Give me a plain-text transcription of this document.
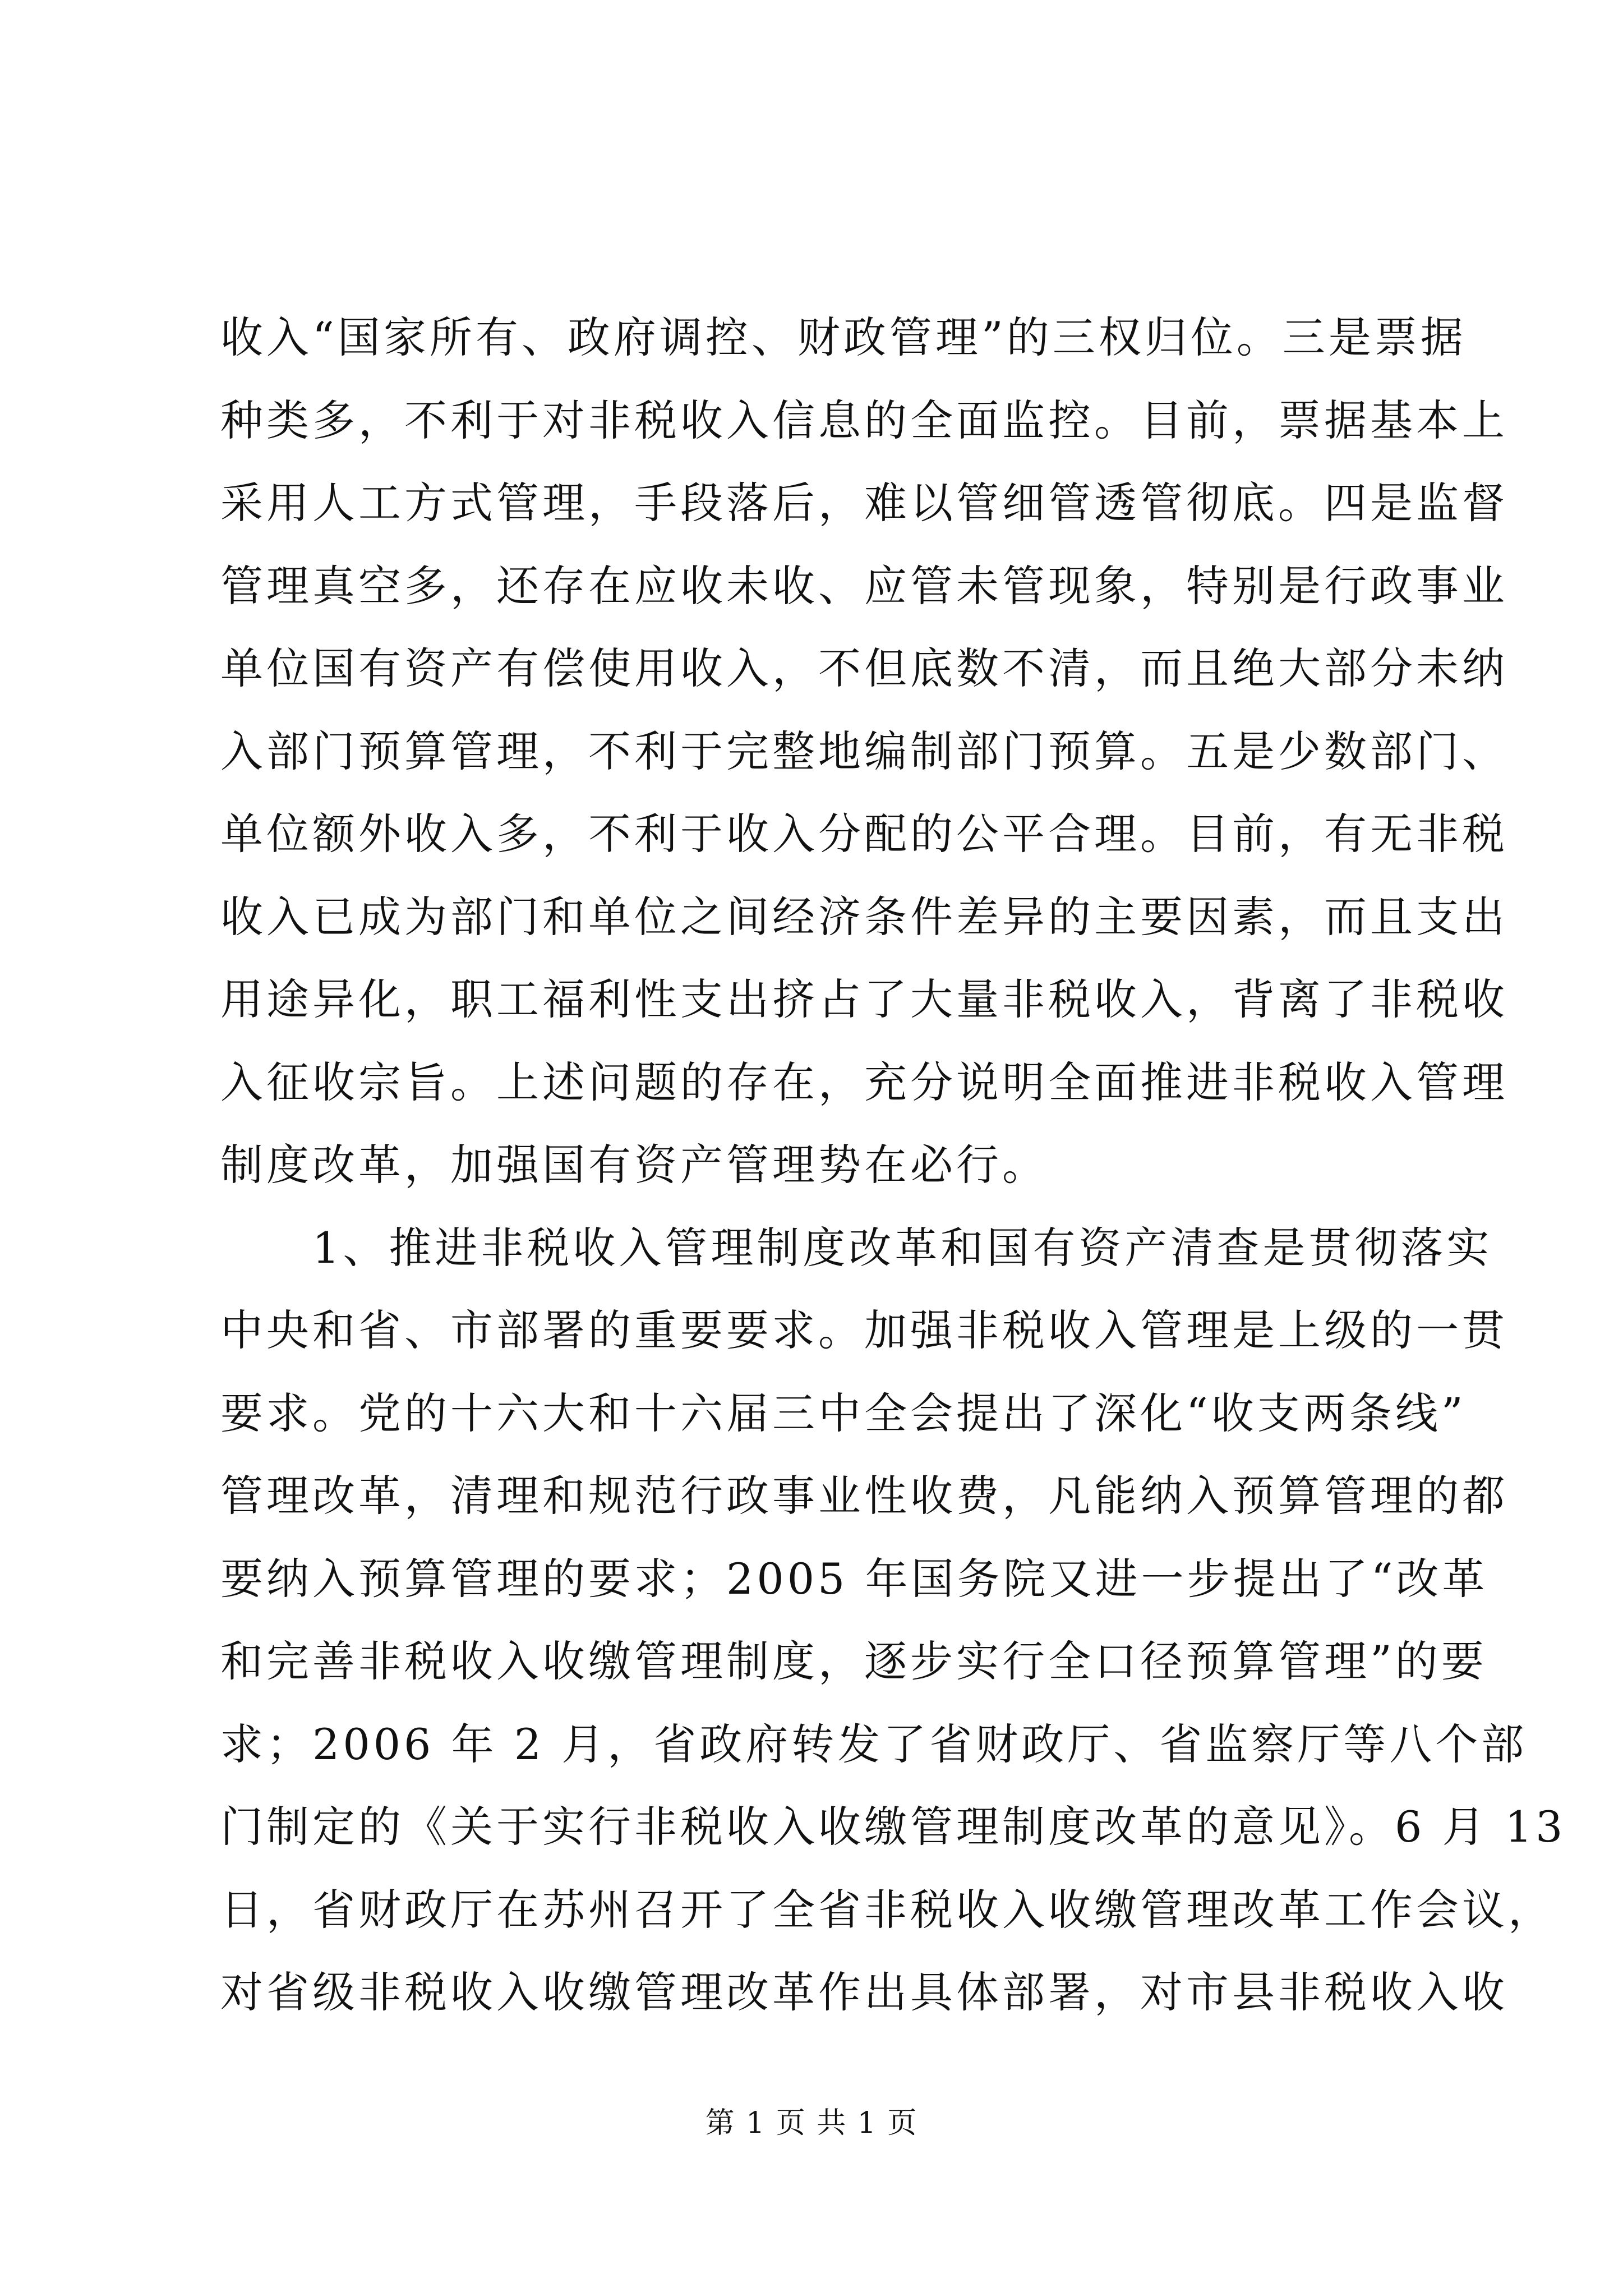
收入“国家所有、政府调控、财政管理”的三权归位。三是票据
种类多，不利于对非税收入信息的全面监控。目前，票据基本上
采用人工方式管理，手段落后，难以管细管透管彻底。四是监督
管理真空多，还存在应收未收、应管未管现象，特别是行政事业
单位国有资产有偿使用收入，不但底数不清，而且绝大部分未纳
入部门预算管理，不利于完整地编制部门预算。五是少数部门、
单位额外收入多，不利于收入分配的公平合理。目前，有无非税
收入已成为部门和单位之间经济条件差异的主要因素，而且支出
用途异化，职工福利性支出挤占了大量非税收入，背离了非税收
入征收宗旨。上述问题的存在，充分说明全面推进非税收入管理
制度改革，加强国有资产管理势在必行。
　　1、推进非税收入管理制度改革和国有资产清查是贯彻落实
中央和省、市部署的重要要求。加强非税收入管理是上级的一贯
要求。党的十六大和十六届三中全会提出了深化“收支两条线”
管理改革，清理和规范行政事业性收费，凡能纳入预算管理的都
要纳入预算管理的要求；2005 年国务院又进一步提出了“改革
和完善非税收入收缴管理制度，逐步实行全口径预算管理”的要
求；2006 年 2 月，省政府转发了省财政厅、省监察厅等八个部
门制定的《关于实行非税收入收缴管理制度改革的意见》。6 月 13
日，省财政厅在苏州召开了全省非税收入收缴管理改革工作会议，
对省级非税收入收缴管理改革作出具体部署，对市县非税收入收
第 1 页 共 1 页
